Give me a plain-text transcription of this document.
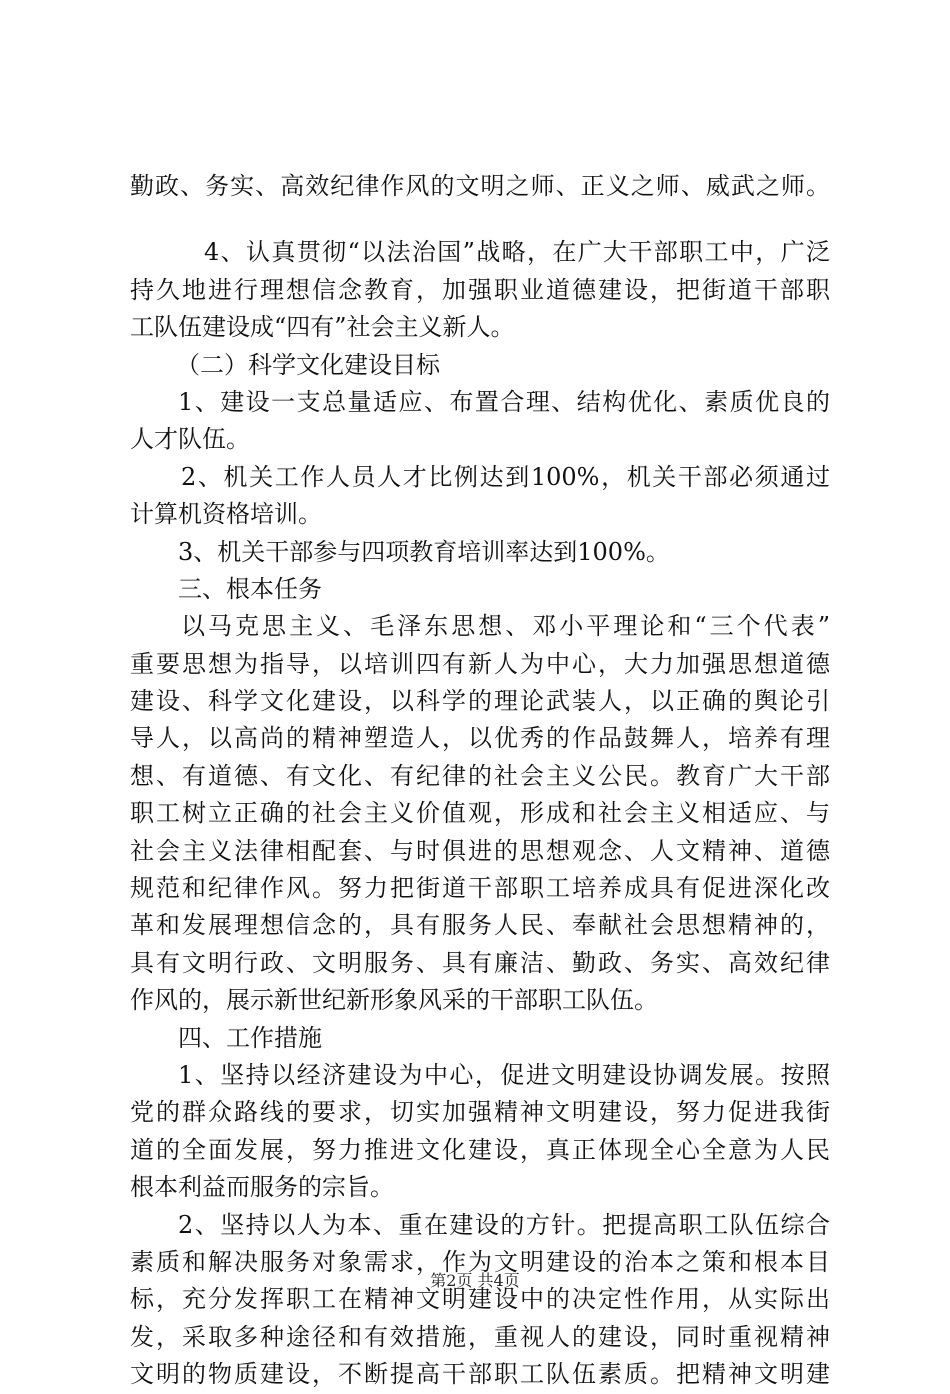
勤政、务实、高效纪律作风的文明之师、正义之师、威武之师。
4、认真贯彻“以法治国”战略，在广大干部职工中，广泛
持久地进行理想信念教育，加强职业道德建设，把街道干部职
工队伍建设成“四有”社会主义新人。
（二）科学文化建设目标
1、建设一支总量适应、布置合理、结构优化、素质优良的
人才队伍。
2、机关工作人员人才比例达到100%，机关干部必须通过
计算机资格培训。
3、机关干部参与四项教育培训率达到100%。
三、根本任务
以马克思主义、毛泽东思想、邓小平理论和“三个代表”
重要思想为指导，以培训四有新人为中心，大力加强思想道德
建设、科学文化建设，以科学的理论武装人，以正确的舆论引
导人，以高尚的精神塑造人，以优秀的作品鼓舞人，培养有理
想、有道德、有文化、有纪律的社会主义公民。教育广大干部
职工树立正确的社会主义价值观，形成和社会主义相适应、与
社会主义法律相配套、与时俱进的思想观念、人文精神、道德
规范和纪律作风。努力把街道干部职工培养成具有促进深化改
革和发展理想信念的，具有服务人民、奉献社会思想精神的，
具有文明行政、文明服务、具有廉洁、勤政、务实、高效纪律
作风的，展示新世纪新形象风采的干部职工队伍。
四、工作措施
1、坚持以经济建设为中心，促进文明建设协调发展。按照
党的群众路线的要求，切实加强精神文明建设，努力促进我街
道的全面发展，努力推进文化建设，真正体现全心全意为人民
根本利益而服务的宗旨。
2、坚持以人为本、重在建设的方针。把提高职工队伍综合
素质和解决服务对象需求，作为文明建设的治本之策和根本目
标，充分发挥职工在精神文明建设中的决定性作用，从实际出
发，采取多种途径和有效措施，重视人的建设，同时重视精神
文明的物质建设，不断提高干部职工队伍素质。把精神文明建
第2页 共4页
